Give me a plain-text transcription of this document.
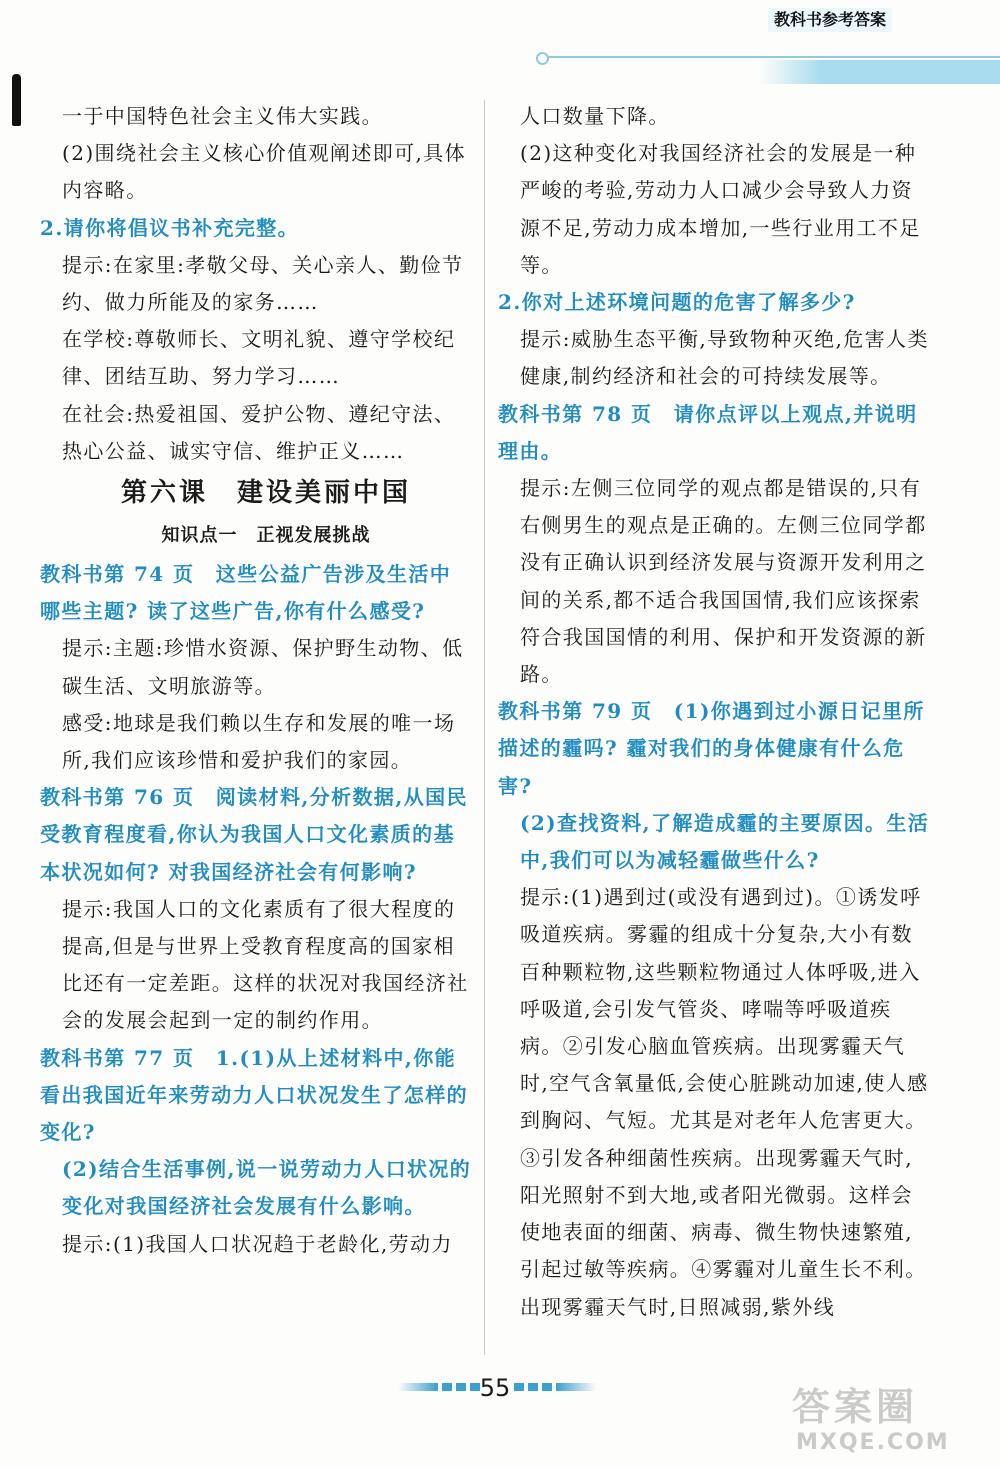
教科书参考答案

一于中国特色社会主义伟大实践。

(2)围绕社会主义核心价值观阐述即可,具体内容略。

2.请你将倡议书补充完整。

提示:在家里:孝敬父母、关心亲人、勤俭节约、做力所能及的家务……

在学校:尊敬师长、文明礼貌、遵守学校纪律、团结互助、努力学习……

在社会:热爱祖国、爱护公物、遵纪守法、热心公益、诚实守信、维护正义……

第六课　建设美丽中国

知识点一　正视发展挑战

教科书第 74 页　 这些公益广告涉及生活中哪些主题? 读了这些广告,你有什么感受?

提示:主题:珍惜水资源、保护野生动物、低碳生活、文明旅游等。

感受:地球是我们赖以生存和发展的唯一场所,我们应该珍惜和爱护我们的家园。

教科书第 76 页　 阅读材料,分析数据,从国民受教育程度看,你认为我国人口文化素质的基本状况如何? 对我国经济社会有何影响?

提示:我国人口的文化素质有了很大程度的提高,但是与世界上受教育程度高的国家相比还有一定差距。这样的状况对我国经济社会的发展会起到一定的制约作用。

教科书第 77 页　 1.(1)从上述材料中,你能看出我国近年来劳动力人口状况发生了怎样的变化?

(2)结合生活事例,说一说劳动力人口状况的变化对我国经济社会发展有什么影响。

提示:(1)我国人口状况趋于老龄化,劳动力

人口数量下降。

(2)这种变化对我国经济社会的发展是一种严峻的考验,劳动力人口减少会导致人力资源不足,劳动力成本增加,一些行业用工不足等。

2.你对上述环境问题的危害了解多少?

提示:威胁生态平衡,导致物种灭绝,危害人类健康,制约经济和社会的可持续发展等。

教科书第 78 页　 请你点评以上观点,并说明理由。

提示:左侧三位同学的观点都是错误的,只有右侧男生的观点是正确的。左侧三位同学都没有正确认识到经济发展与资源开发利用之间的关系,都不适合我国国情,我们应该探索符合我国国情的利用、保护和开发资源的新路。

教科书第 79 页　 (1)你遇到过小源日记里所描述的霾吗? 霾对我们的身体健康有什么危害?

(2)查找资料,了解造成霾的主要原因。生活中,我们可以为减轻霾做些什么?

提示:(1)遇到过(或没有遇到过)。①诱发呼吸道疾病。雾霾的组成十分复杂,大小有数百种颗粒物,这些颗粒物通过人体呼吸,进入呼吸道,会引发气管炎、哮喘等呼吸道疾病。②引发心脑血管疾病。出现雾霾天气时,空气含氧量低,会使心脏跳动加速,使人感到胸闷、气短。尤其是对老年人危害更大。③引发各种细菌性疾病。出现雾霾天气时,阳光照射不到大地,或者阳光微弱。这样会使地表面的细菌、病毒、微生物快速繁殖,引起过敏等疾病。④雾霾对儿童生长不利。出现雾霾天气时,日照减弱,紫外线

55	答案圈
MXQE.COM
